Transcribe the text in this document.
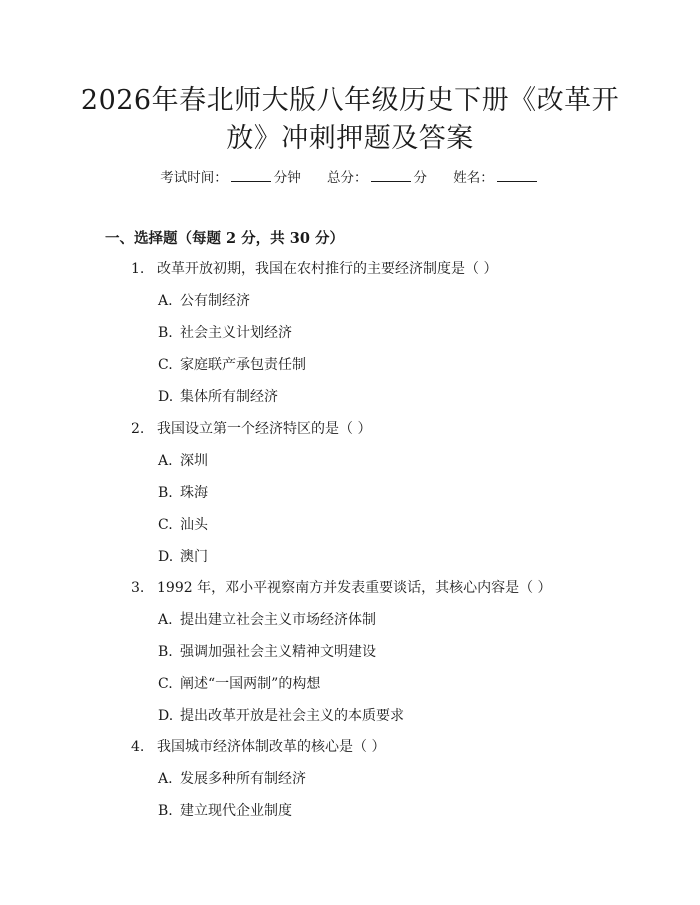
2026年春北师大版八年级历史下册《改革开
放》冲刺押题及答案
考试时间：	分钟 总分：	分 姓名：
一、选择题（每题 2 分，共 30 分）
1. 改革开放初期，我国在农村推行的主要经济制度是（ ）
A. 公有制经济
B. 社会主义计划经济
C. 家庭联产承包责任制
D. 集体所有制经济
2. 我国设立第一个经济特区的是（ ）
A. 深圳
B. 珠海
C. 汕头
D. 澳门
3. 1992 年，邓小平视察南方并发表重要谈话，其核心内容是（ ）
A. 提出建立社会主义市场经济体制
B. 强调加强社会主义精神文明建设
C. 阐述“一国两制”的构想
D. 提出改革开放是社会主义的本质要求
4. 我国城市经济体制改革的核心是（ ）
A. 发展多种所有制经济
B. 建立现代企业制度
